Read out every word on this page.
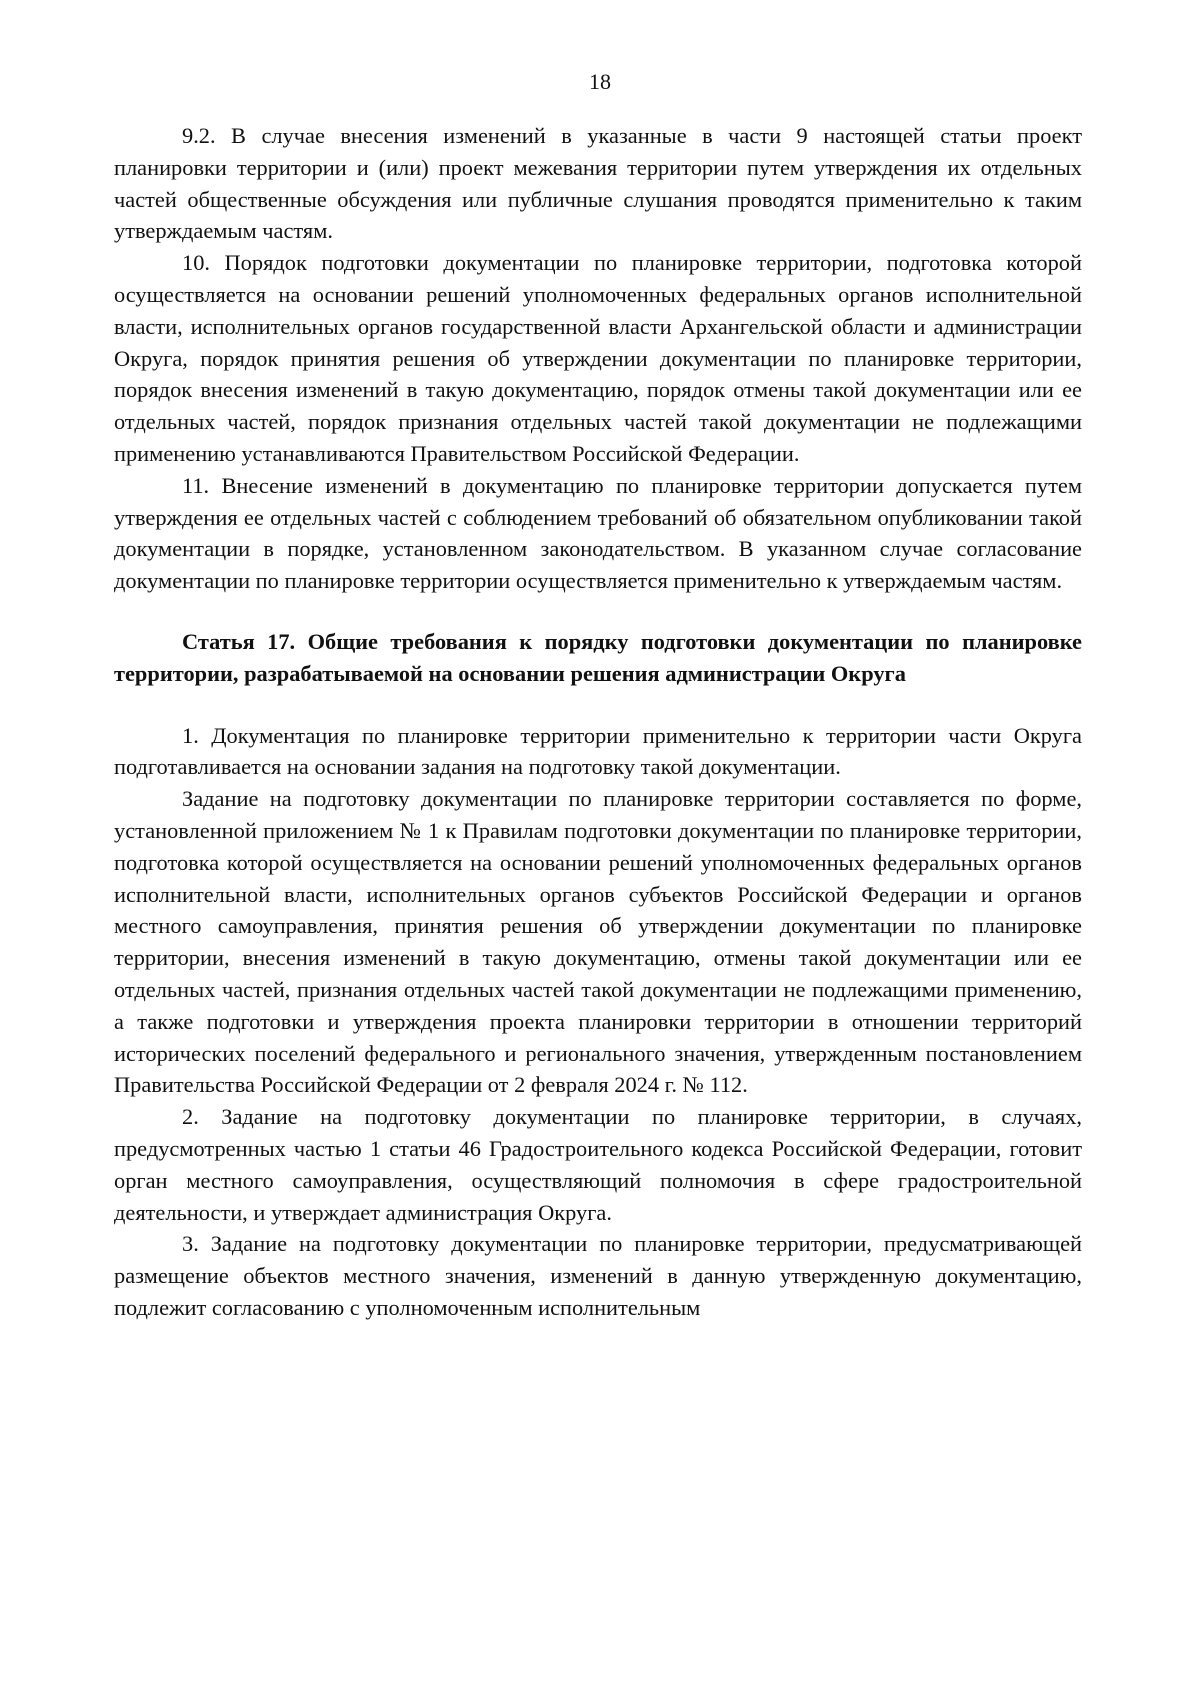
18

9.2. В случае внесения изменений в указанные в части 9 настоящей статьи проект планировки территории и (или) проект межевания территории путем утверждения их отдельных частей общественные обсуждения или публичные слушания проводятся применительно к таким утверждаемым частям.

10. Порядок подготовки документации по планировке территории, подготовка которой осуществляется на основании решений уполномоченных федеральных органов исполнительной власти, исполнительных органов государственной власти Архангельской области и администрации Округа, порядок принятия решения об утверждении документации по планировке территории, порядок внесения изменений в такую документацию, порядок отмены такой документации или ее отдельных частей, порядок признания отдельных частей такой документации не подлежащими применению устанавливаются Правительством Российской Федерации.

11. Внесение изменений в документацию по планировке территории допускается путем утверждения ее отдельных частей с соблюдением требований об обязательном опубликовании такой документации в порядке, установленном законодательством. В указанном случае согласование документации по планировке территории осуществляется применительно к утверждаемым частям.

Статья 17. Общие требования к порядку подготовки документации по планировке территории, разрабатываемой на основании решения администрации Округа

1. Документация по планировке территории применительно к территории части Округа подготавливается на основании задания на подготовку такой документации.

Задание на подготовку документации по планировке территории составляется по форме, установленной приложением № 1 к Правилам подготовки документации по планировке территории, подготовка которой осуществляется на основании решений уполномоченных федеральных органов исполнительной власти, исполнительных органов субъектов Российской Федерации и органов местного самоуправления, принятия решения об утверждении документации по планировке территории, внесения изменений в такую документацию, отмены такой документации или ее отдельных частей, признания отдельных частей такой документации не подлежащими применению, а также подготовки и утверждения проекта планировки территории в отношении территорий исторических поселений федерального и регионального значения, утвержденным постановлением Правительства Российской Федерации от 2 февраля 2024 г. № 112.

2. Задание на подготовку документации по планировке территории, в случаях, предусмотренных частью 1 статьи 46 Градостроительного кодекса Российской Федерации, готовит орган местного самоуправления, осуществляющий полномочия в сфере градостроительной деятельности, и утверждает администрация Округа.

3. Задание на подготовку документации по планировке территории, предусматривающей размещение объектов местного значения, изменений в данную утвержденную документацию, подлежит согласованию с уполномоченным исполнительным
